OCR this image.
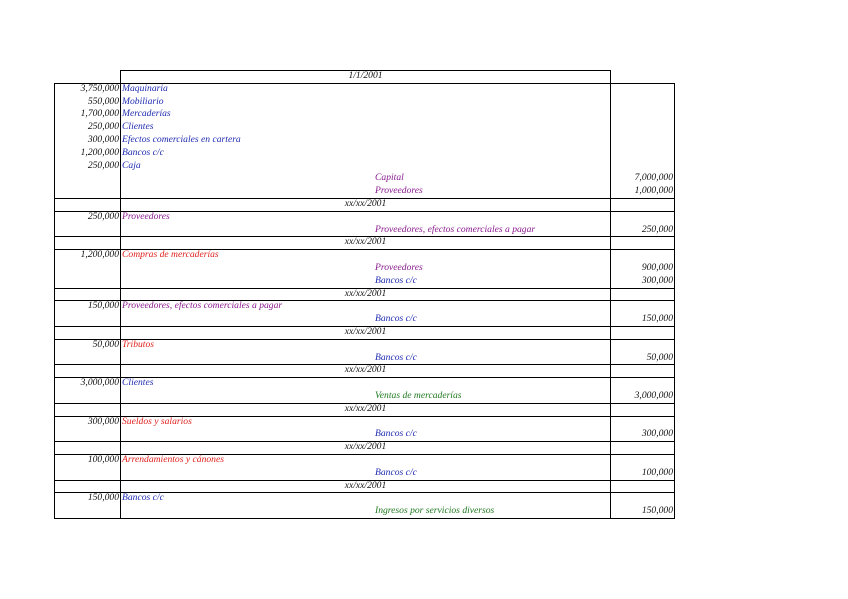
1/1/2001
3,750,000 Maquinaria
550,000 Mobiliario
1,700,000 Mercaderías
250,000 Clientes
300,000 Efectos comerciales en cartera
1,200,000 Bancos c/c
250,000 Caja
Capital	7,000,000
Proveedores	1,000,000
xx/xx/2001
250,000 Proveedores
Proveedores, efectos comerciales a pagar	250,000
xx/xx/2001
1,200,000 Compras de mercaderías
Proveedores	900,000
Bancos c/c	300,000
xx/xx/2001
150,000 Proveedores, efectos comerciales a pagar
Bancos c/c	150,000
xx/xx/2001
50,000 Tributos
Bancos c/c	50,000
xx/xx/2001
3,000,000 Clientes
Ventas de mercaderías	3,000,000
xx/xx/2001
300,000 Sueldos y salarios
Bancos c/c	300,000
xx/xx/2001
100,000 Arrendamientos y cánones
Bancos c/c	100,000
xx/xx/2001
150,000 Bancos c/c
Ingresos por servicios diversos	150,000
